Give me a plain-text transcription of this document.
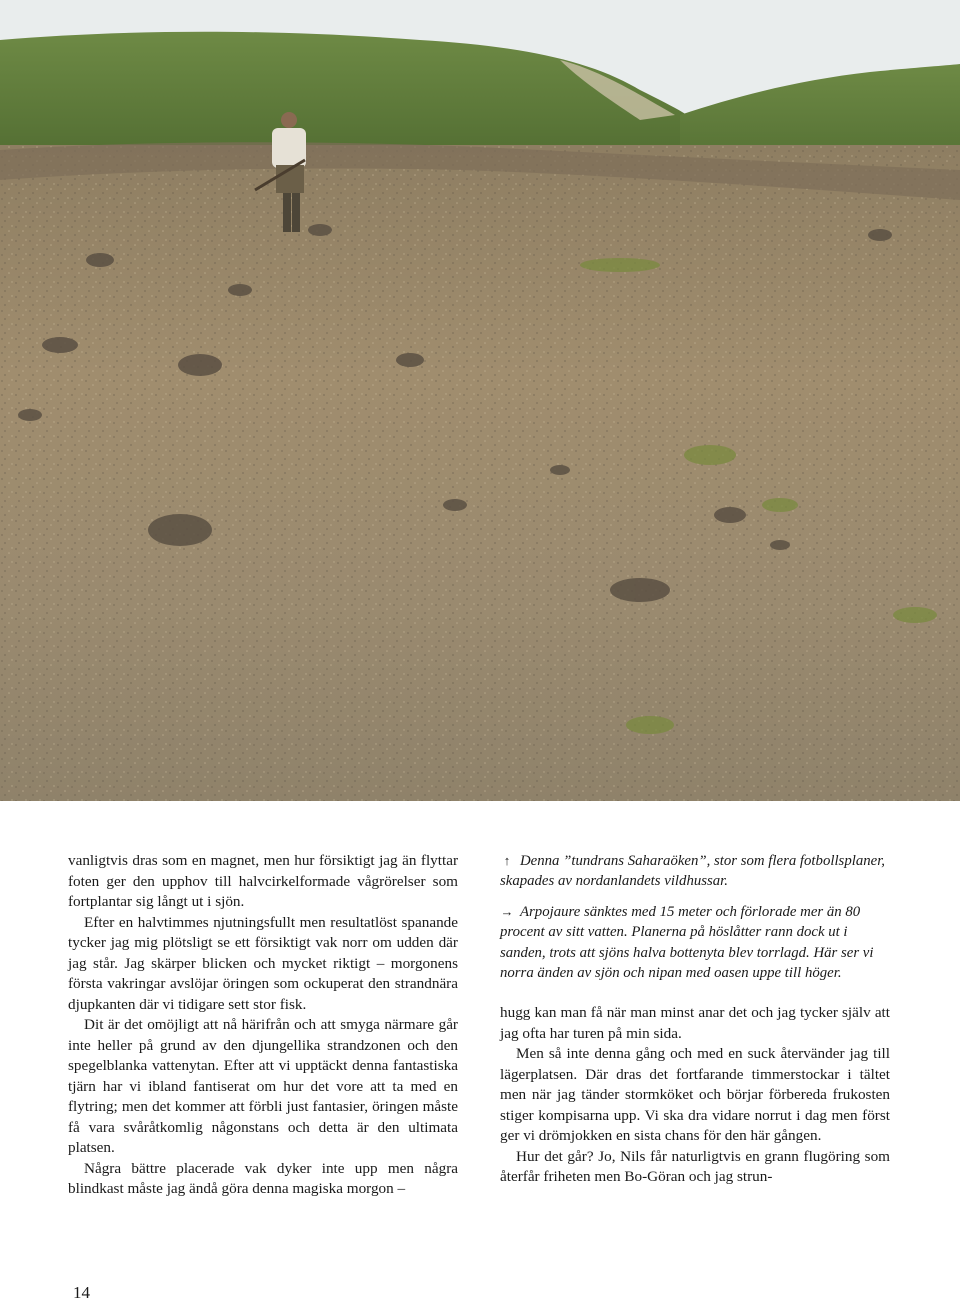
vanligtvis dras som en magnet, men hur försiktigt jag än flyttar foten ger den upphov till halvcirkelformade vågrörelser som fortplantar sig långt ut i sjön.

Efter en halvtimmes njutningsfullt men resultatlöst spanande tycker jag mig plötsligt se ett försiktigt vak norr om udden där jag står. Jag skärper blicken och mycket riktigt – morgonens första vakringar avslöjar öringen som ockuperat den strandnära djupkanten där vi tidigare sett stor fisk.

Dit är det omöjligt att nå härifrån och att smyga närmare går inte heller på grund av den djungellika strandzonen och den spegelblanka vattenytan. Efter att vi upptäckt denna fantastiska tjärn har vi ibland fantiserat om hur det vore att ta med en flytring; men det kommer att förbli just fantasier, öringen måste få vara svåråtkomlig någonstans och detta är den ultimata platsen.

Några bättre placerade vak dyker inte upp men några blindkast måste jag ändå göra denna magiska morgon –

↑ Denna ”tundrans Saharaöken”, stor som flera fotbollsplaner, skapades av nordanlandets vildhussar.

→ Arpojaure sänktes med 15 meter och förlorade mer än 80 procent av sitt vatten. Planerna på höslåtter rann dock ut i sanden, trots att sjöns halva bottenyta blev torrlagd. Här ser vi norra änden av sjön och nipan med oasen uppe till höger.

hugg kan man få när man minst anar det och jag tycker själv att jag ofta har turen på min sida.

Men så inte denna gång och med en suck återvänder jag till lägerplatsen. Där dras det fortfarande timmerstockar i tältet men när jag tänder stormköket och börjar förbereda frukosten stiger kompisarna upp. Vi ska dra vidare norrut i dag men först ger vi drömjokken en sista chans för den här gången.

Hur det går? Jo, Nils får naturligtvis en grann flugöring som återfår friheten men Bo-Göran och jag strun-

14
